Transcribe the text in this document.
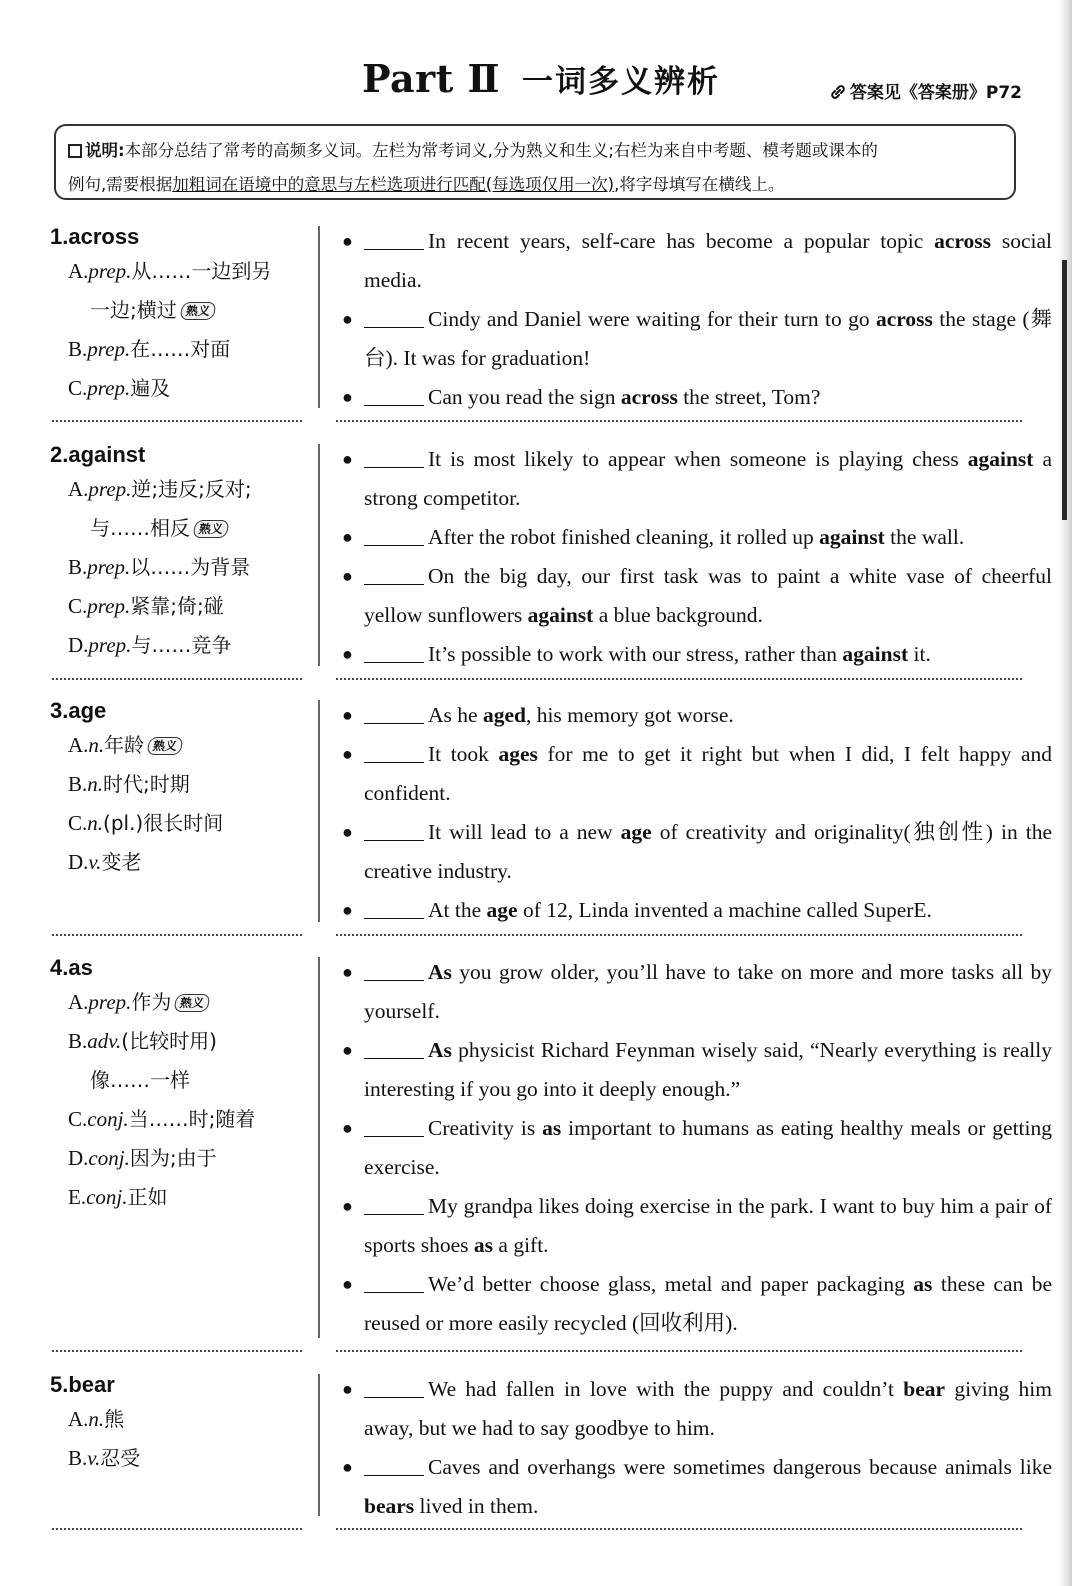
Part Ⅱ 一词多义辨析	答案见《答案册》P72
说明:本部分总结了常考的高频多义词。左栏为常考词义,分为熟义和生义;右栏为来自中考题、模考题或课本的
例句,需要根据加粗词在语境中的意思与左栏选项进行匹配(每选项仅用一次),将字母填写在横线上。
1.across
A.prep.从……一边到另
一边;横过 熟义
B.prep.在……对面
C.prep.遍及
●	In recent years, self-care has become a popular topic across social media.
●	Cindy and Daniel were waiting for their turn to go across the stage (舞台). It was for graduation!
●	Can you read the sign across the street, Tom?
2.against
A.prep.逆;违反;反对;
与……相反 熟义
B.prep.以……为背景
C.prep.紧靠;倚;碰
D.prep.与……竞争
●	It is most likely to appear when someone is playing chess against a strong competitor.
●	After the robot finished cleaning, it rolled up against the wall.
●	On the big day, our first task was to paint a white vase of cheerful yellow sunflowers against a blue background.
●	It’s possible to work with our stress, rather than against it.
3.age
A.n.年龄 熟义
B.n.时代;时期
C.n.(pl.)很长时间
D.v.变老
●	As he aged, his memory got worse.
●	It took ages for me to get it right but when I did, I felt happy and confident.
●	It will lead to a new age of creativity and originality(独创性) in the creative industry.
●	At the age of 12, Linda invented a machine called SuperE.
4.as
A.prep.作为 熟义
B.adv.(比较时用)
像……一样
C.conj.当……时;随着
D.conj.因为;由于
E.conj.正如
●	As you grow older, you’ll have to take on more and more tasks all by yourself.
●	As physicist Richard Feynman wisely said, “Nearly everything is really interesting if you go into it deeply enough.”
●	Creativity is as important to humans as eating healthy meals or getting exercise.
●	My grandpa likes doing exercise in the park. I want to buy him a pair of sports shoes as a gift.
●	We’d better choose glass, metal and paper packaging as these can be reused or more easily recycled (回收利用).
5.bear
A.n.熊
B.v.忍受
●	We had fallen in love with the puppy and couldn’t bear giving him away, but we had to say goodbye to him.
●	Caves and overhangs were sometimes dangerous because animals like bears lived in them.
